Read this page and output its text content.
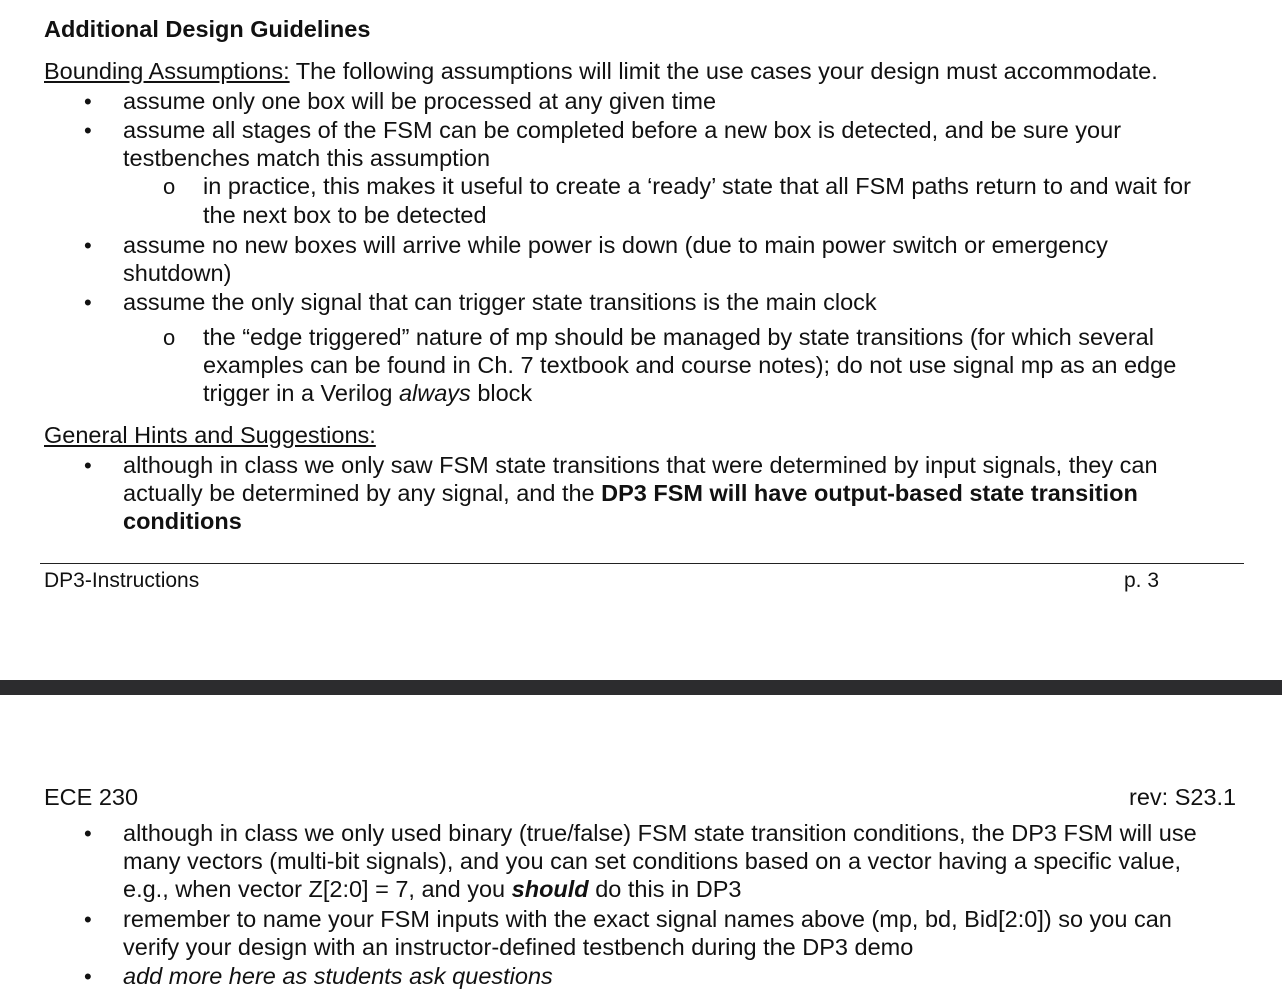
Additional Design Guidelines
Bounding Assumptions: The following assumptions will limit the use cases your design must accommodate.
• assume only one box will be processed at any given time
• assume all stages of the FSM can be completed before a new box is detected, and be sure your
testbenches match this assumption
o in practice, this makes it useful to create a ‘ready’ state that all FSM paths return to and wait for
the next box to be detected
• assume no new boxes will arrive while power is down (due to main power switch or emergency
shutdown)
• assume the only signal that can trigger state transitions is the main clock
o the “edge triggered” nature of mp should be managed by state transitions (for which several
examples can be found in Ch. 7 textbook and course notes); do not use signal mp as an edge
trigger in a Verilog always block
General Hints and Suggestions:
• although in class we only saw FSM state transitions that were determined by input signals, they can
actually be determined by any signal, and the DP3 FSM will have output-based state transition
conditions
DP3-Instructions	p. 3
ECE 230	rev: S23.1
• although in class we only used binary (true/false) FSM state transition conditions, the DP3 FSM will use
many vectors (multi-bit signals), and you can set conditions based on a vector having a specific value,
e.g., when vector Z[2:0] = 7, and you should do this in DP3
• remember to name your FSM inputs with the exact signal names above (mp, bd, Bid[2:0]) so you can
verify your design with an instructor-defined testbench during the DP3 demo
• add more here as students ask questions
